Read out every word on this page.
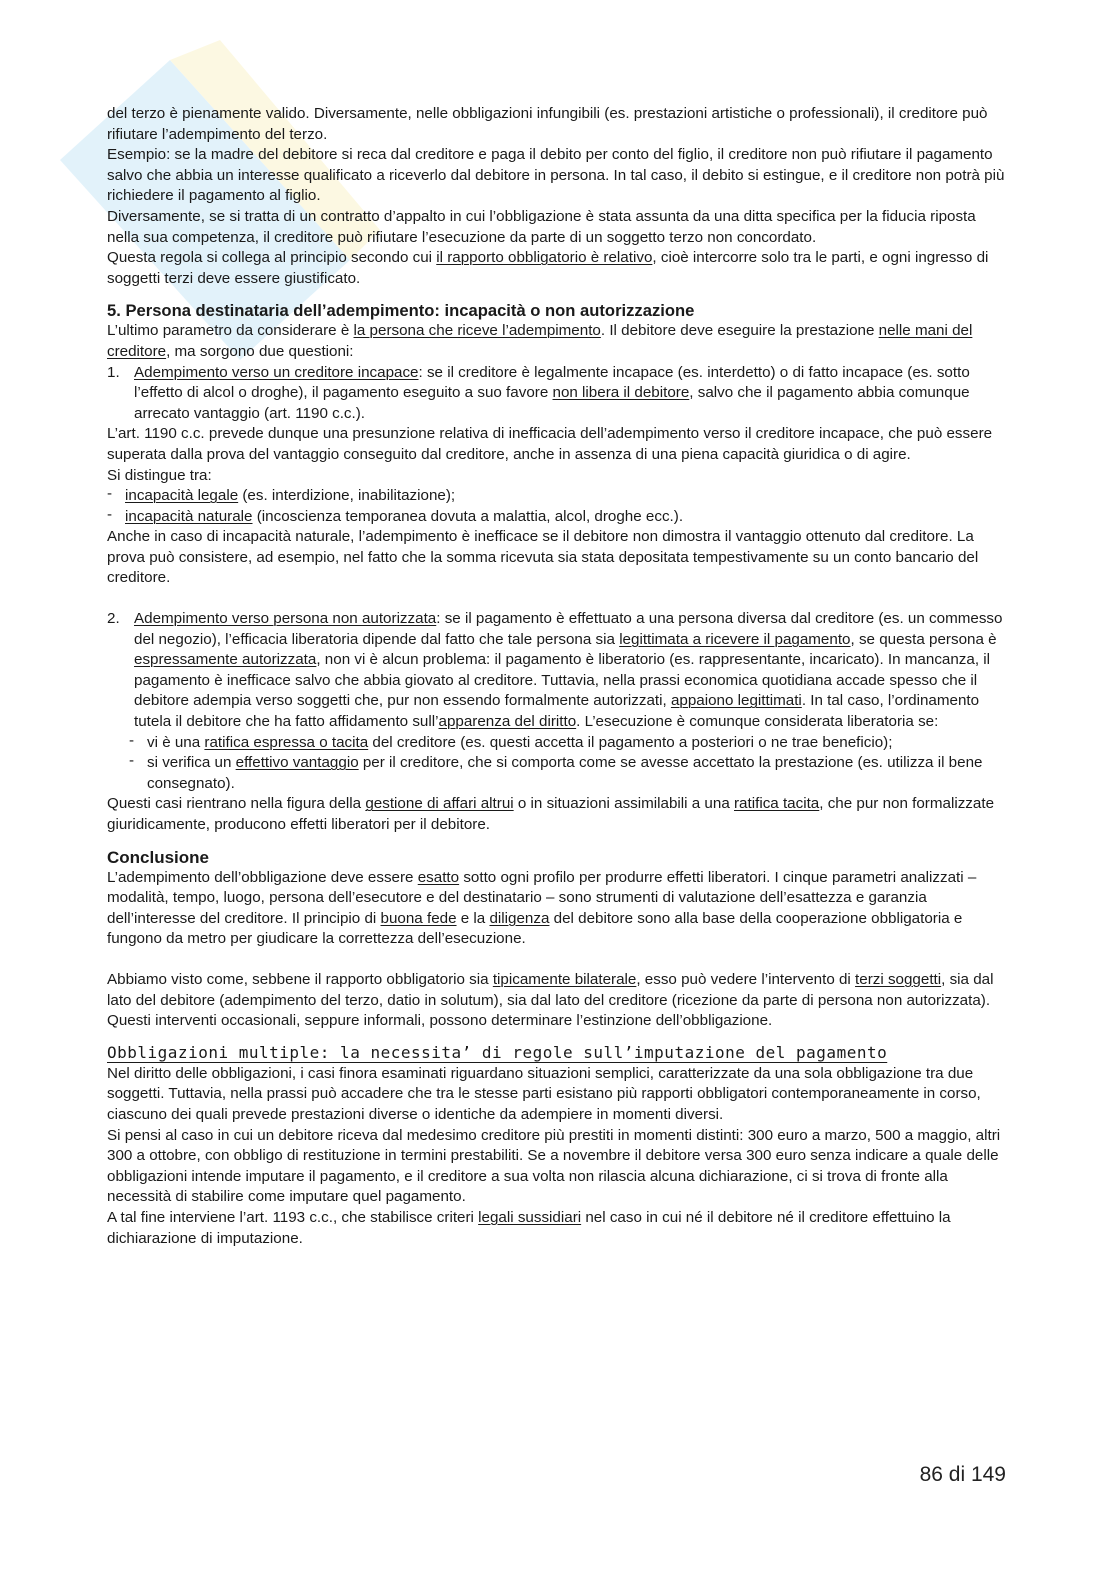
del terzo è pienamente valido. Diversamente, nelle obbligazioni infungibili (es. prestazioni artistiche o professionali), il creditore può rifiutare l’adempimento del terzo.

Esempio: se la madre del debitore si reca dal creditore e paga il debito per conto del figlio, il creditore non può rifiutare il pagamento salvo che abbia un interesse qualificato a riceverlo dal debitore in persona. In tal caso, il debito si estingue, e il creditore non potrà più richiedere il pagamento al figlio.

Diversamente, se si tratta di un contratto d’appalto in cui l’obbligazione è stata assunta da una ditta specifica per la fiducia riposta nella sua competenza, il creditore può rifiutare l’esecuzione da parte di un soggetto terzo non concordato.

Questa regola si collega al principio secondo cui il rapporto obbligatorio è relativo, cioè intercorre solo tra le parti, e ogni ingresso di soggetti terzi deve essere giustificato.

5. Persona destinataria dell’adempimento: incapacità o non autorizzazione

L’ultimo parametro da considerare è la persona che riceve l’adempimento. Il debitore deve eseguire la prestazione nelle mani del creditore, ma sorgono due questioni:

1. Adempimento verso un creditore incapace: se il creditore è legalmente incapace (es. interdetto) o di fatto incapace (es. sotto l’effetto di alcol o droghe), il pagamento eseguito a suo favore non libera il debitore, salvo che il pagamento abbia comunque arrecato vantaggio (art. 1190 c.c.).

L’art. 1190 c.c. prevede dunque una presunzione relativa di inefficacia dell’adempimento verso il creditore incapace, che può essere superata dalla prova del vantaggio conseguito dal creditore, anche in assenza di una piena capacità giuridica o di agire.

Si distingue tra:

- incapacità legale (es. interdizione, inabilitazione);

- incapacità naturale (incoscienza temporanea dovuta a malattia, alcol, droghe ecc.).

Anche in caso di incapacità naturale, l’adempimento è inefficace se il debitore non dimostra il vantaggio ottenuto dal creditore. La prova può consistere, ad esempio, nel fatto che la somma ricevuta sia stata depositata tempestivamente su un conto bancario del creditore.

2. Adempimento verso persona non autorizzata: se il pagamento è effettuato a una persona diversa dal creditore (es. un commesso del negozio), l’efficacia liberatoria dipende dal fatto che tale persona sia legittimata a ricevere il pagamento, se questa persona è espressamente autorizzata, non vi è alcun problema: il pagamento è liberatorio (es. rappresentante, incaricato). In mancanza, il pagamento è inefficace salvo che abbia giovato al creditore. Tuttavia, nella prassi economica quotidiana accade spesso che il debitore adempia verso soggetti che, pur non essendo formalmente autorizzati, appaiono legittimati. In tal caso, l’ordinamento tutela il debitore che ha fatto affidamento sull’apparenza del diritto. L’esecuzione è comunque considerata liberatoria se:

- vi è una ratifica espressa o tacita del creditore (es. questi accetta il pagamento a posteriori o ne trae beneficio);

- si verifica un effettivo vantaggio per il creditore, che si comporta come se avesse accettato la prestazione (es. utilizza il bene consegnato).

Questi casi rientrano nella figura della gestione di affari altrui o in situazioni assimilabili a una ratifica tacita, che pur non formalizzate giuridicamente, producono effetti liberatori per il debitore.

Conclusione

L’adempimento dell’obbligazione deve essere esatto sotto ogni profilo per produrre effetti liberatori. I cinque parametri analizzati – modalità, tempo, luogo, persona dell’esecutore e del destinatario – sono strumenti di valutazione dell’esattezza e garanzia dell’interesse del creditore. Il principio di buona fede e la diligenza del debitore sono alla base della cooperazione obbligatoria e fungono da metro per giudicare la correttezza dell’esecuzione.

Abbiamo visto come, sebbene il rapporto obbligatorio sia tipicamente bilaterale, esso può vedere l’intervento di terzi soggetti, sia dal lato del debitore (adempimento del terzo, datio in solutum), sia dal lato del creditore (ricezione da parte di persona non autorizzata).

Questi interventi occasionali, seppure informali, possono determinare l’estinzione dell’obbligazione.

Obbligazioni multiple: la necessita’ di regole sull’imputazione del pagamento

Nel diritto delle obbligazioni, i casi finora esaminati riguardano situazioni semplici, caratterizzate da una sola obbligazione tra due soggetti. Tuttavia, nella prassi può accadere che tra le stesse parti esistano più rapporti obbligatori contemporaneamente in corso, ciascuno dei quali prevede prestazioni diverse o identiche da adempiere in momenti diversi.

Si pensi al caso in cui un debitore riceva dal medesimo creditore più prestiti in momenti distinti: 300 euro a marzo, 500 a maggio, altri 300 a ottobre, con obbligo di restituzione in termini prestabiliti. Se a novembre il debitore versa 300 euro senza indicare a quale delle obbligazioni intende imputare il pagamento, e il creditore a sua volta non rilascia alcuna dichiarazione, ci si trova di fronte alla necessità di stabilire come imputare quel pagamento.

A tal fine interviene l’art. 1193 c.c., che stabilisce criteri legali sussidiari nel caso in cui né il debitore né il creditore effettuino la dichiarazione di imputazione.

86 di 149
